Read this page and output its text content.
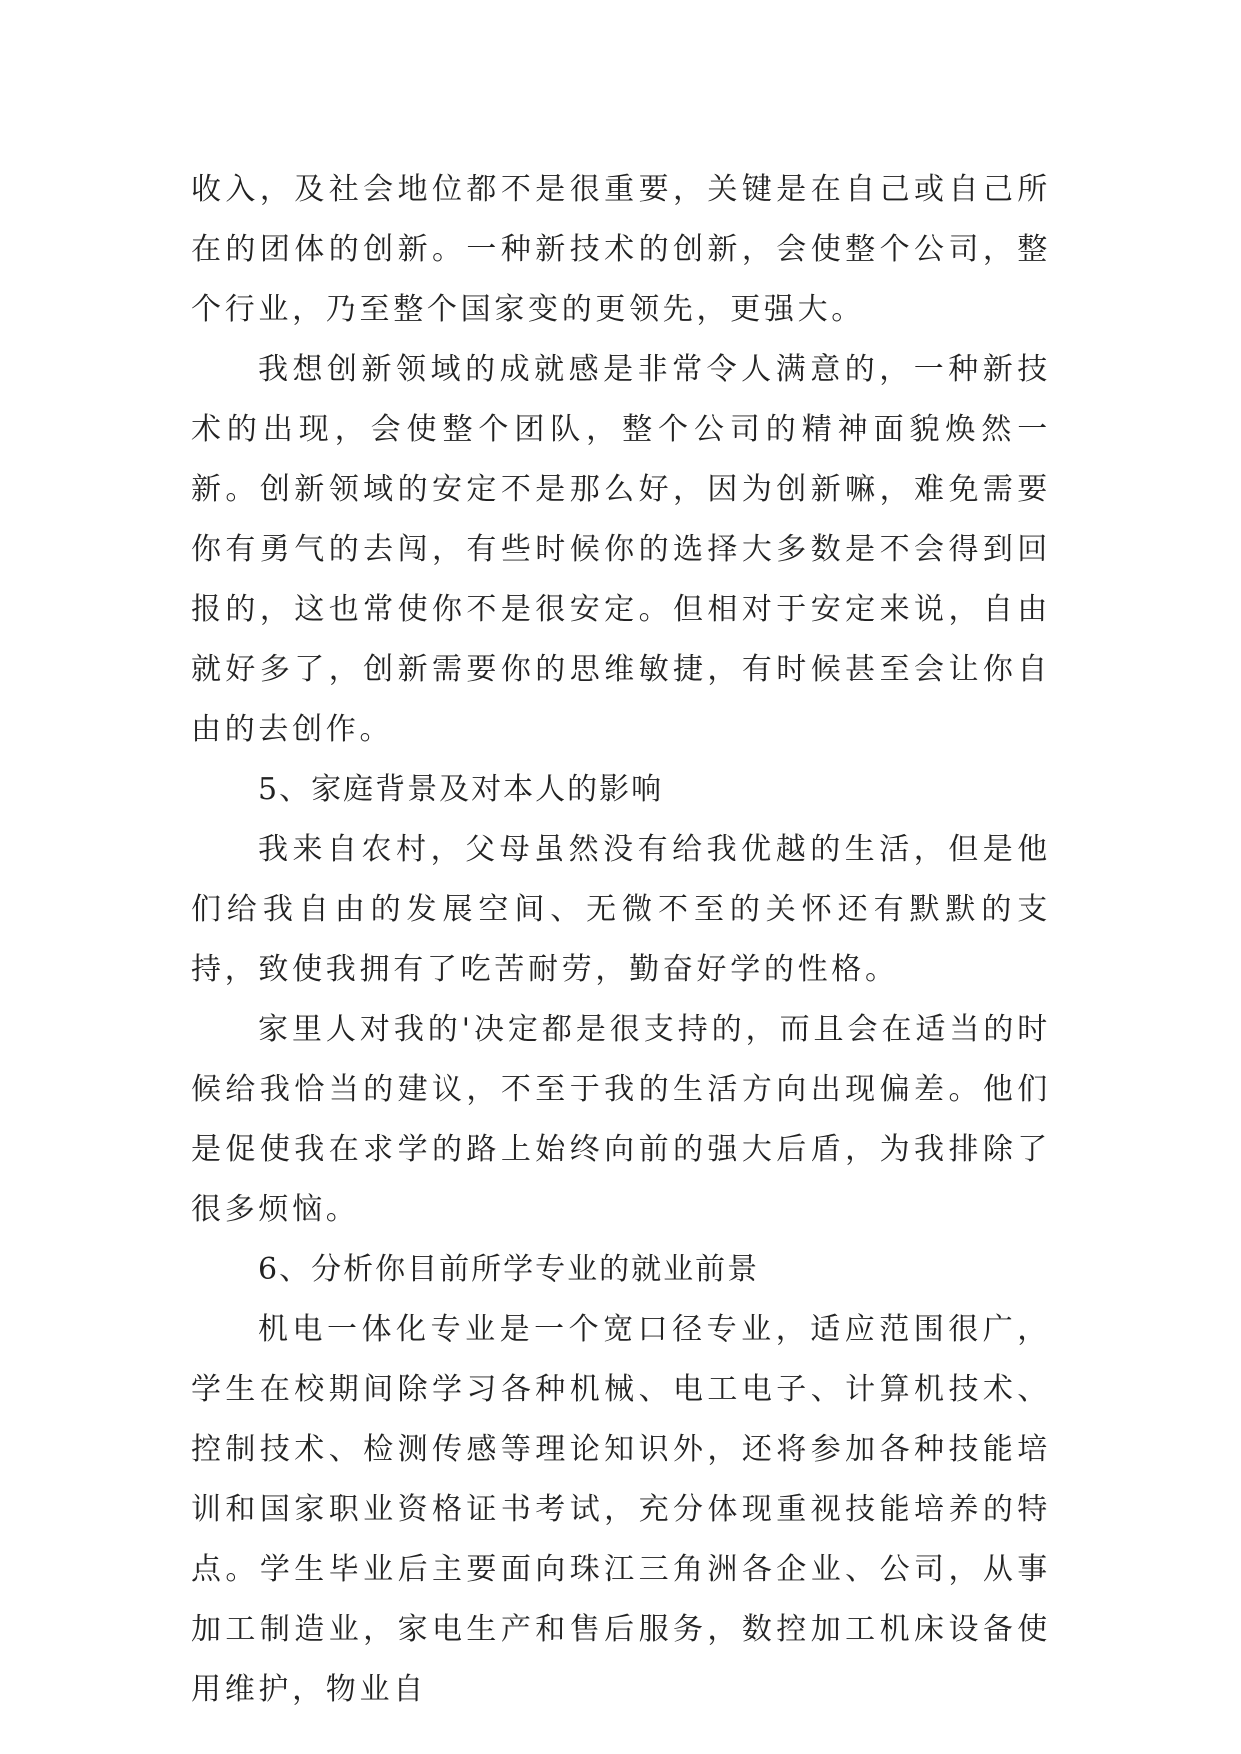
收入，及社会地位都不是很重要，关键是在自己或自己所在的团体的创新。一种新技术的创新，会使整个公司，整个行业，乃至整个国家变的更领先，更强大。

我想创新领域的成就感是非常令人满意的，一种新技术的出现，会使整个团队，整个公司的精神面貌焕然一新。创新领域的安定不是那么好，因为创新嘛，难免需要你有勇气的去闯，有些时候你的选择大多数是不会得到回报的，这也常使你不是很安定。但相对于安定来说，自由就好多了，创新需要你的思维敏捷，有时候甚至会让你自由的去创作。

5、家庭背景及对本人的影响

我来自农村，父母虽然没有给我优越的生活，但是他们给我自由的发展空间、无微不至的关怀还有默默的支持，致使我拥有了吃苦耐劳，勤奋好学的性格。

家里人对我的'决定都是很支持的，而且会在适当的时候给我恰当的建议，不至于我的生活方向出现偏差。他们是促使我在求学的路上始终向前的强大后盾，为我排除了很多烦恼。

6、分析你目前所学专业的就业前景

机电一体化专业是一个宽口径专业，适应范围很广，学生在校期间除学习各种机械、电工电子、计算机技术、控制技术、检测传感等理论知识外，还将参加各种技能培训和国家职业资格证书考试，充分体现重视技能培养的特点。学生毕业后主要面向珠江三角洲各企业、公司，从事加工制造业，家电生产和售后服务，数控加工机床设备使用维护，物业自
